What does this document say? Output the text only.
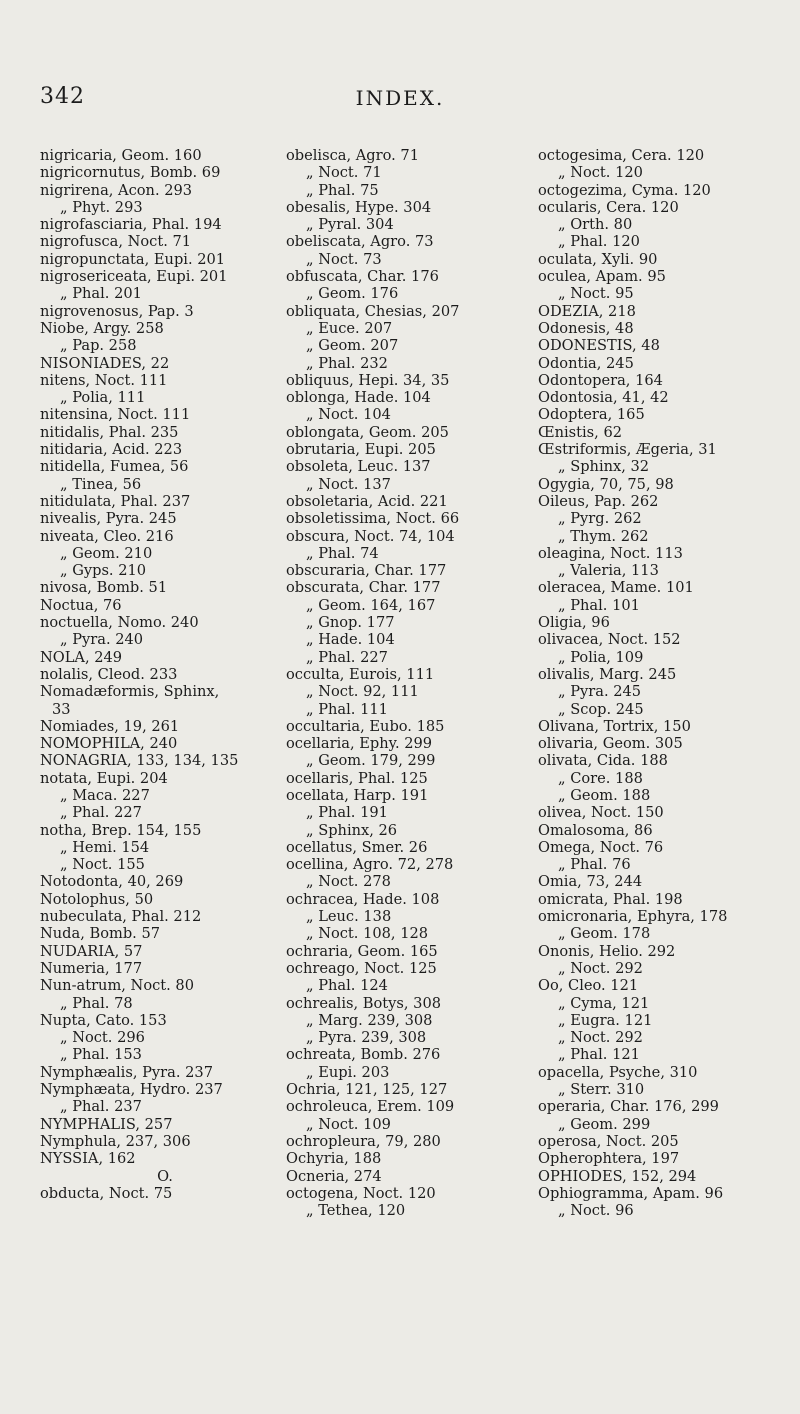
342	INDEX.
nigricaria, Geom. 160
nigricornutus, Bomb. 69
nigrirena, Acon. 293
„ Phyt. 293
nigrofasciaria, Phal. 194
nigrofusca, Noct. 71
nigropunctata, Eupi. 201
nigrosericeata, Eupi. 201
„ Phal. 201
nigrovenosus, Pap. 3
Niobe, Argy. 258
„ Pap. 258
NISONIADES, 22
nitens, Noct. 111
„ Polia, 111
nitensina, Noct. 111
nitidalis, Phal. 235
nitidaria, Acid. 223
nitidella, Fumea, 56
„ Tinea, 56
nitidulata, Phal. 237
nivealis, Pyra. 245
niveata, Cleo. 216
„ Geom. 210
„ Gyps. 210
nivosa, Bomb. 51
Noctua, 76
noctuella, Nomo. 240
„ Pyra. 240
NOLA, 249
nolalis, Cleod. 233
Nomadæformis, Sphinx,
33
Nomiades, 19, 261
NOMOPHILA, 240
NONAGRIA, 133, 134, 135
notata, Eupi. 204
„ Maca. 227
„ Phal. 227
notha, Brep. 154, 155
„ Hemi. 154
„ Noct. 155
Notodonta, 40, 269
Notolophus, 50
nubeculata, Phal. 212
Nuda, Bomb. 57
NUDARIA, 57
Numeria, 177
Nun-atrum, Noct. 80
„ Phal. 78
Nupta, Cato. 153
„ Noct. 296
„ Phal. 153
Nymphæalis, Pyra. 237
Nymphæata, Hydro. 237
„ Phal. 237
NYMPHALIS, 257
Nymphula, 237, 306
NYSSIA, 162
O.
obducta, Noct. 75
obelisca, Agro. 71
„ Noct. 71
„ Phal. 75
obesalis, Hype. 304
„ Pyral. 304
obeliscata, Agro. 73
„ Noct. 73
obfuscata, Char. 176
„ Geom. 176
obliquata, Chesias, 207
„ Euce. 207
„ Geom. 207
„ Phal. 232
obliquus, Hepi. 34, 35
oblonga, Hade. 104
„ Noct. 104
oblongata, Geom. 205
obrutaria, Eupi. 205
obsoleta, Leuc. 137
„ Noct. 137
obsoletaria, Acid. 221
obsoletissima, Noct. 66
obscura, Noct. 74, 104
„ Phal. 74
obscuraria, Char. 177
obscurata, Char. 177
„ Geom. 164, 167
„ Gnop. 177
„ Hade. 104
„ Phal. 227
occulta, Eurois, 111
„ Noct. 92, 111
„ Phal. 111
occultaria, Eubo. 185
ocellaria, Ephy. 299
„ Geom. 179, 299
ocellaris, Phal. 125
ocellata, Harp. 191
„ Phal. 191
„ Sphinx, 26
ocellatus, Smer. 26
ocellina, Agro. 72, 278
„ Noct. 278
ochracea, Hade. 108
„ Leuc. 138
„ Noct. 108, 128
ochraria, Geom. 165
ochreago, Noct. 125
„ Phal. 124
ochrealis, Botys, 308
„ Marg. 239, 308
„ Pyra. 239, 308
ochreata, Bomb. 276
„ Eupi. 203
Ochria, 121, 125, 127
ochroleuca, Erem. 109
„ Noct. 109
ochropleura, 79, 280
Ochyria, 188
Ocneria, 274
octogena, Noct. 120
„ Tethea, 120
octogesima, Cera. 120
„ Noct. 120
octogezima, Cyma. 120
ocularis, Cera. 120
„ Orth. 80
„ Phal. 120
oculata, Xyli. 90
oculea, Apam. 95
„ Noct. 95
ODEZIA, 218
Odonesis, 48
ODONESTIS, 48
Odontia, 245
Odontopera, 164
Odontosia, 41, 42
Odoptera, 165
Œnistis, 62
Œstriformis, Ægeria, 31
„ Sphinx, 32
Ogygia, 70, 75, 98
Oileus, Pap. 262
„ Pyrg. 262
„ Thym. 262
oleagina, Noct. 113
„ Valeria, 113
oleracea, Mame. 101
„ Phal. 101
Oligia, 96
olivacea, Noct. 152
„ Polia, 109
olivalis, Marg. 245
„ Pyra. 245
„ Scop. 245
Olivana, Tortrix, 150
olivaria, Geom. 305
olivata, Cida. 188
„ Core. 188
„ Geom. 188
olivea, Noct. 150
Omalosoma, 86
Omega, Noct. 76
„ Phal. 76
Omia, 73, 244
omicrata, Phal. 198
omicronaria, Ephyra, 178
„ Geom. 178
Ononis, Helio. 292
„ Noct. 292
Oo, Cleo. 121
„ Cyma, 121
„ Eugra. 121
„ Noct. 292
„ Phal. 121
opacella, Psyche, 310
„ Sterr. 310
operaria, Char. 176, 299
„ Geom. 299
operosa, Noct. 205
Opherophtera, 197
OPHIODES, 152, 294
Ophiogramma, Apam. 96
„ Noct. 96
